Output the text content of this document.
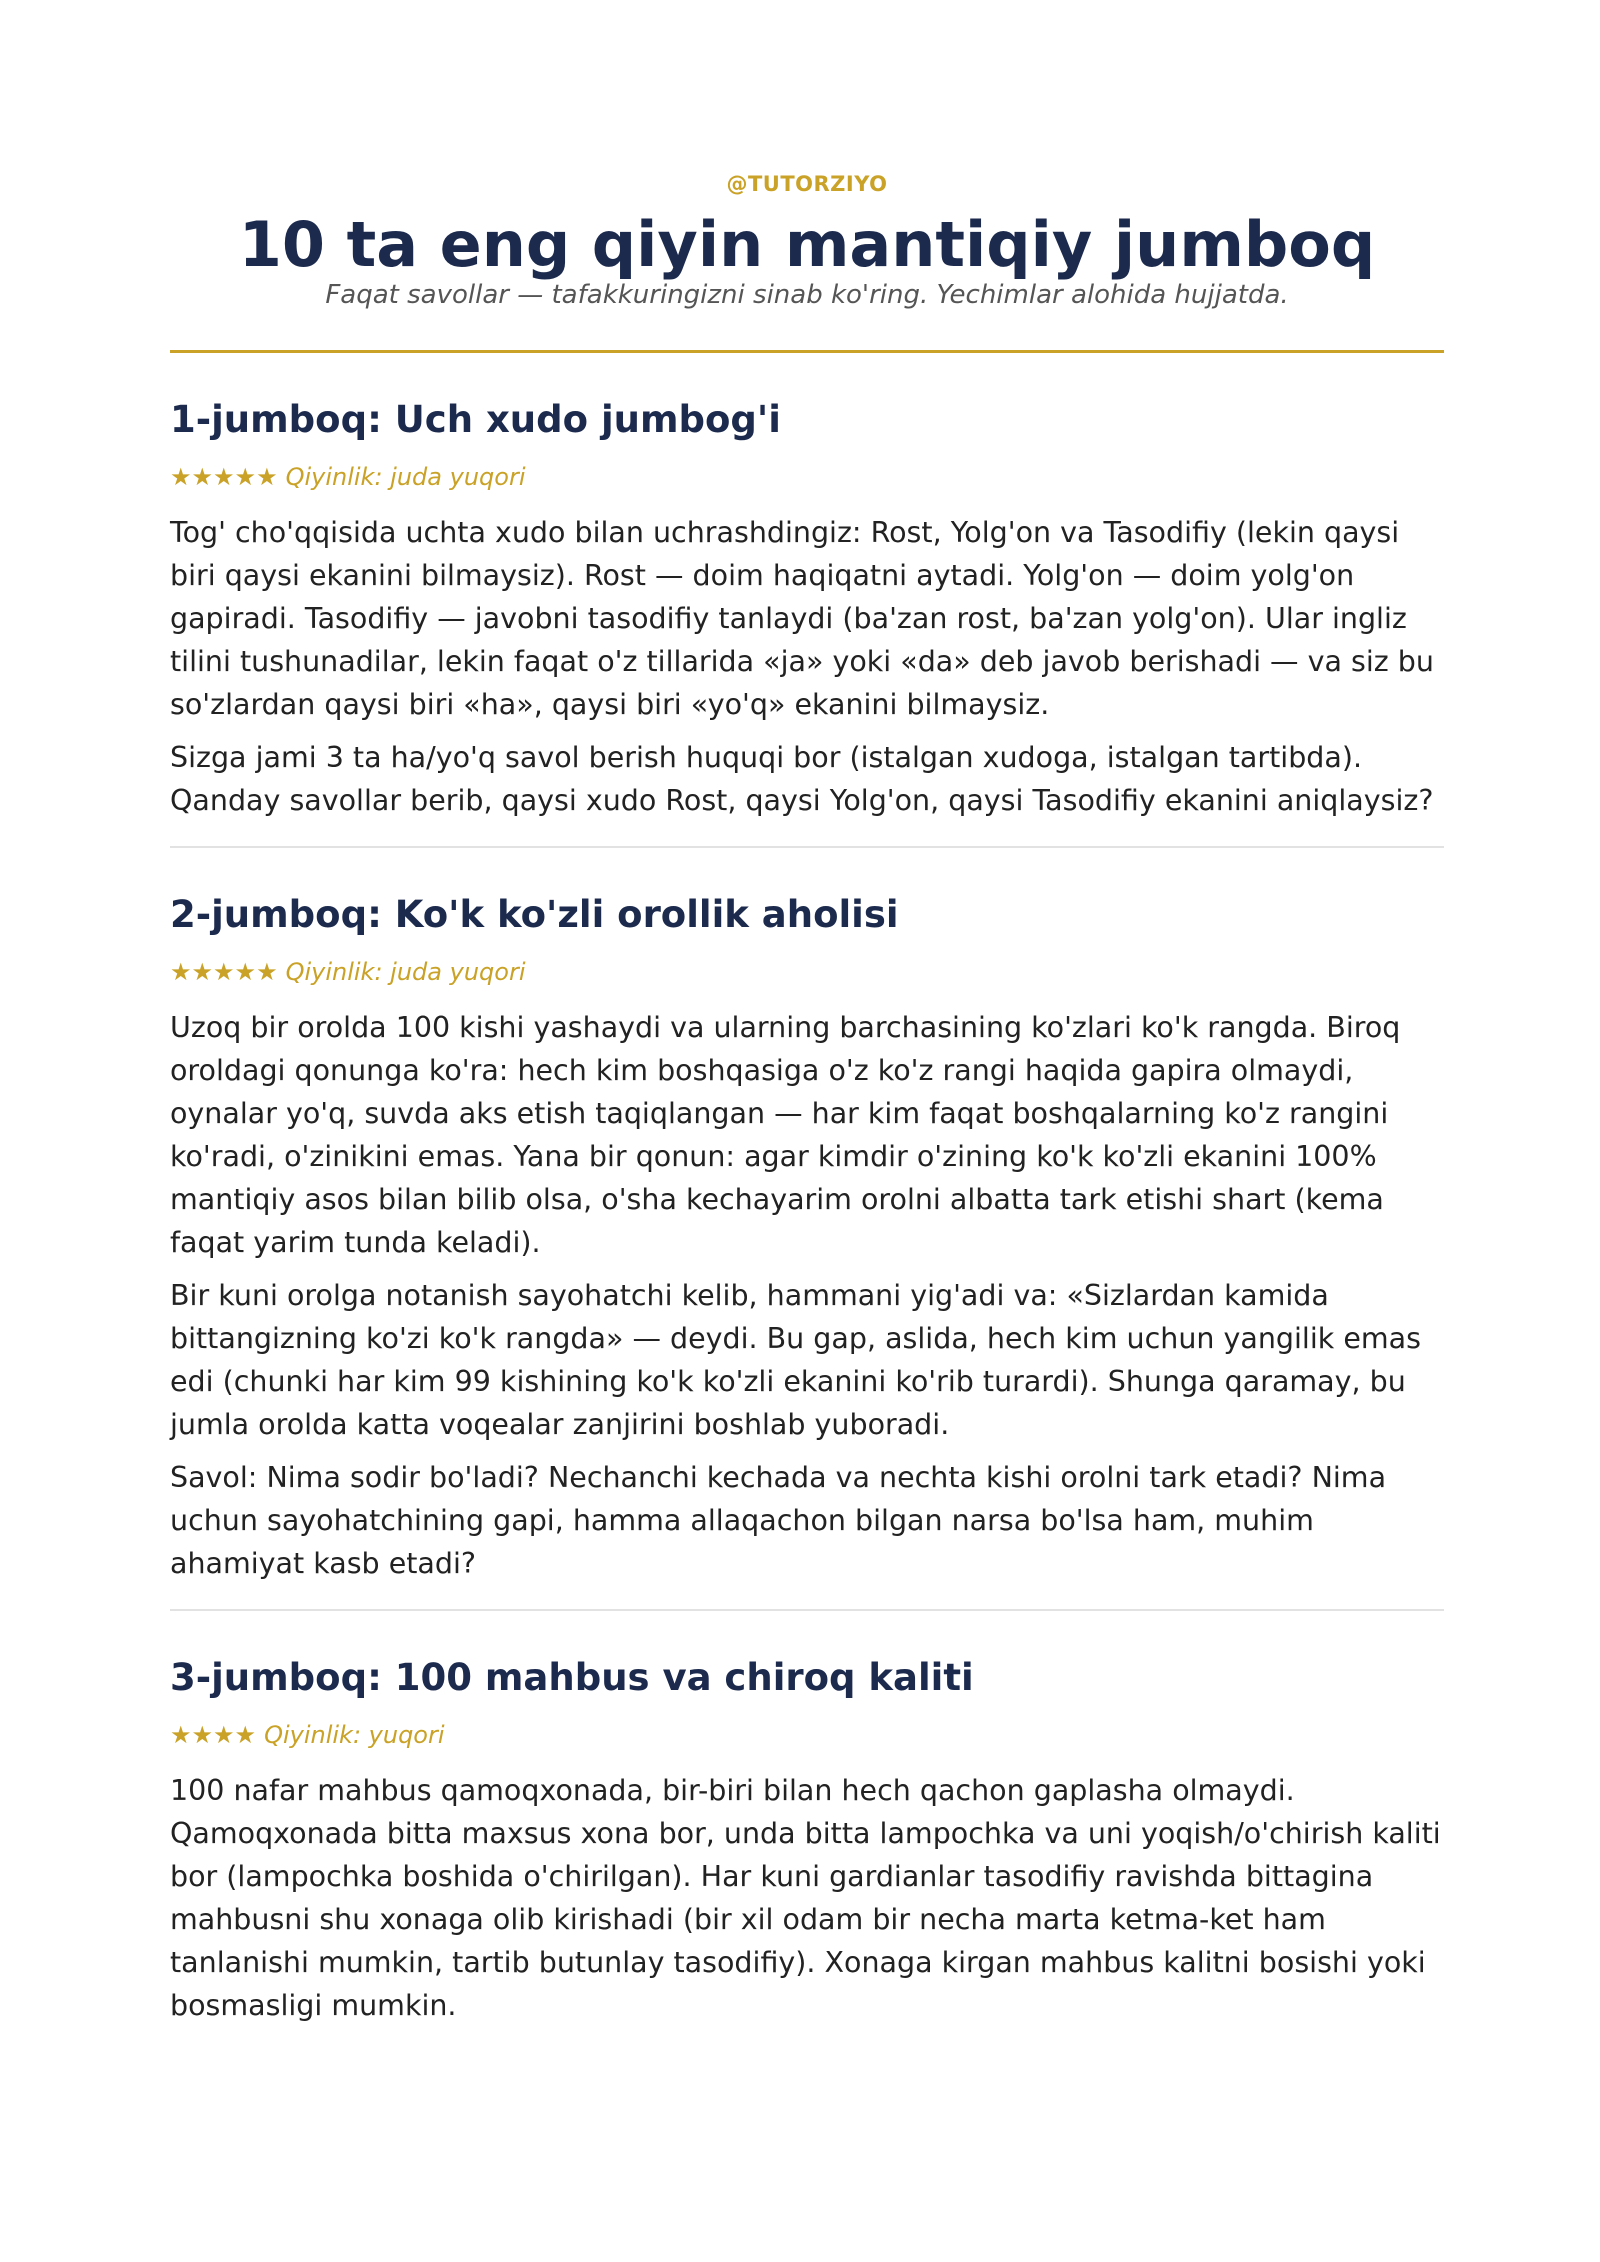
@TUTORZIYO
10 ta eng qiyin mantiqiy jumboq
Faqat savollar — tafakkuringizni sinab ko'ring. Yechimlar alohida hujjatda.
1-jumboq: Uch xudo jumbog'i
★★★★★ Qiyinlik: juda yuqori

Tog' cho'qqisida uchta xudo bilan uchrashdingiz: Rost, Yolg'on va Tasodifiy (lekin qaysi biri qaysi ekanini bilmaysiz). Rost — doim haqiqatni aytadi. Yolg'on — doim yolg'on gapiradi. Tasodifiy — javobni tasodifiy tanlaydi (ba'zan rost, ba'zan yolg'on). Ular ingliz tilini tushunadilar, lekin faqat o'z tillarida «ja» yoki «da» deb javob berishadi — va siz bu so'zlardan qaysi biri «ha», qaysi biri «yo'q» ekanini bilmaysiz.

Sizga jami 3 ta ha/yo'q savol berish huquqi bor (istalgan xudoga, istalgan tartibda). Qanday savollar berib, qaysi xudo Rost, qaysi Yolg'on, qaysi Tasodifiy ekanini aniqlaysiz?

2-jumboq: Ko'k ko'zli orollik aholisi
★★★★★ Qiyinlik: juda yuqori

Uzoq bir orolda 100 kishi yashaydi va ularning barchasining ko'zlari ko'k rangda. Biroq oroldagi qonunga ko'ra: hech kim boshqasiga o'z ko'z rangi haqida gapira olmaydi, oynalar yo'q, suvda aks etish taqiqlangan — har kim faqat boshqalarning ko'z rangini ko'radi, o'zinikini emas. Yana bir qonun: agar kimdir o'zining ko'k ko'zli ekanini 100% mantiqiy asos bilan bilib olsa, o'sha kechayarim orolni albatta tark etishi shart (kema faqat yarim tunda keladi).

Bir kuni orolga notanish sayohatchi kelib, hammani yig'adi va: «Sizlardan kamida bittangizning ko'zi ko'k rangda» — deydi. Bu gap, aslida, hech kim uchun yangilik emas edi (chunki har kim 99 kishining ko'k ko'zli ekanini ko'rib turardi). Shunga qaramay, bu jumla orolda katta voqealar zanjirini boshlab yuboradi.

Savol: Nima sodir bo'ladi? Nechanchi kechada va nechta kishi orolni tark etadi? Nima uchun sayohatchining gapi, hamma allaqachon bilgan narsa bo'lsa ham, muhim ahamiyat kasb etadi?

3-jumboq: 100 mahbus va chiroq kaliti
★★★★ Qiyinlik: yuqori

100 nafar mahbus qamoqxonada, bir-biri bilan hech qachon gaplasha olmaydi. Qamoqxonada bitta maxsus xona bor, unda bitta lampochka va uni yoqish/o'chirish kaliti bor (lampochka boshida o'chirilgan). Har kuni gardianlar tasodifiy ravishda bittagina mahbusni shu xonaga olib kirishadi (bir xil odam bir necha marta ketma-ket ham tanlanishi mumkin, tartib butunlay tasodifiy). Xonaga kirgan mahbus kalitni bosishi yoki bosmasligi mumkin.
